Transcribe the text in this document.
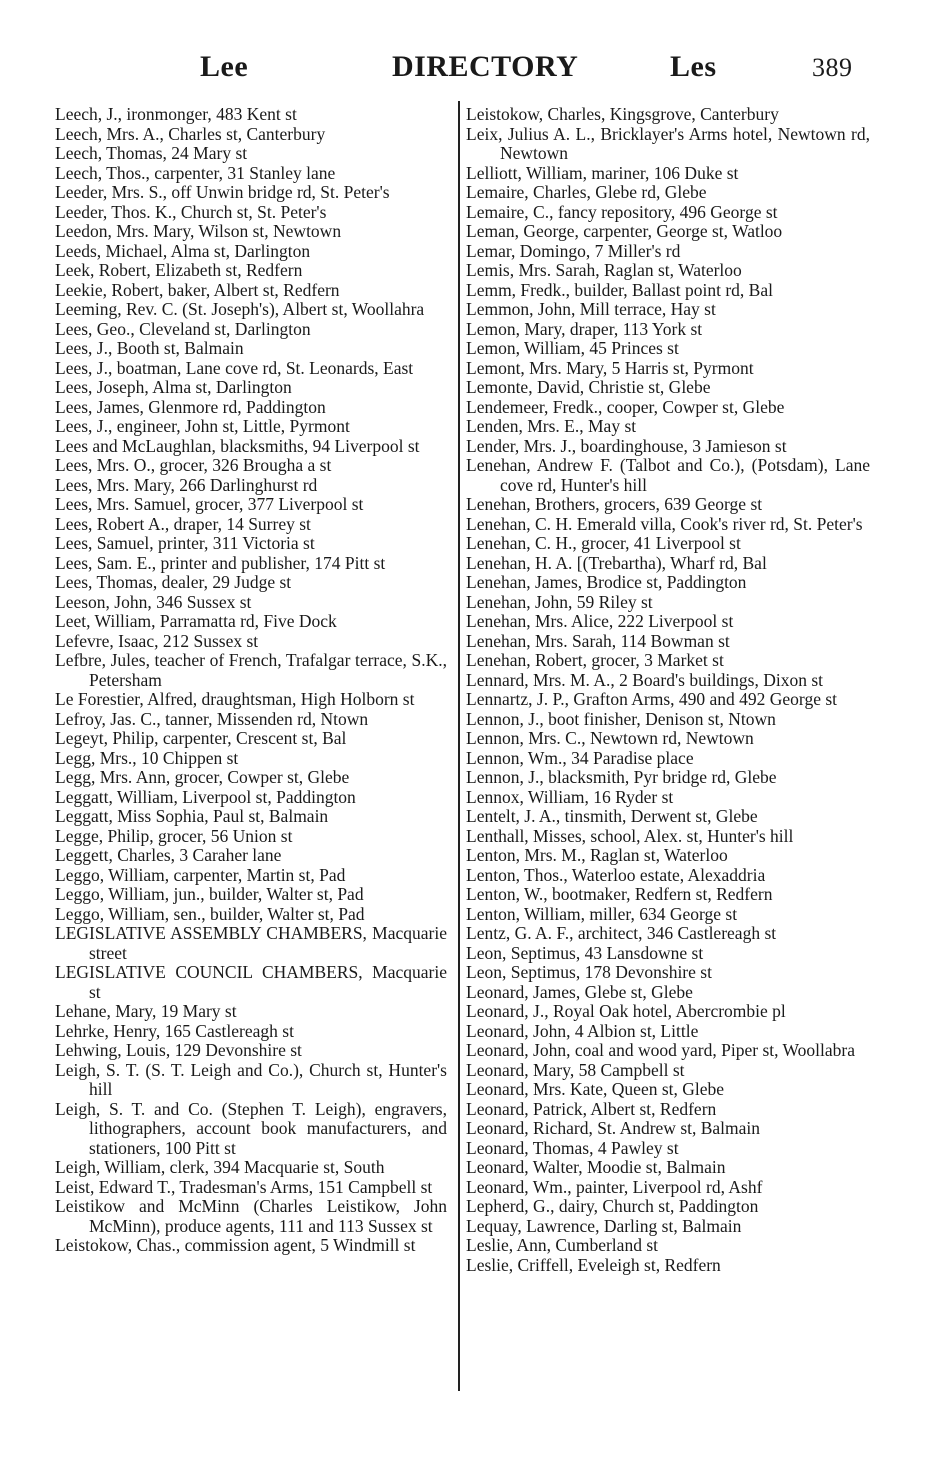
Lee	DIRECTORY	Les	389
Leech, J., ironmonger, 483 Kent st
Leech, Mrs. A., Charles st, Canterbury
Leech, Thomas, 24 Mary st
Leech, Thos., carpenter, 31 Stanley lane
Leeder, Mrs. S., off Unwin bridge rd, St. Peter's
Leeder, Thos. K., Church st, St. Peter's
Leedon, Mrs. Mary, Wilson st, Newtown
Leeds, Michael, Alma st, Darlington
Leek, Robert, Elizabeth st, Redfern
Leekie, Robert, baker, Albert st, Redfern
Leeming, Rev. C. (St. Joseph's), Albert st, Woollahra
Lees, Geo., Cleveland st, Darlington
Lees, J., Booth st, Balmain
Lees, J., boatman, Lane cove rd, St. Leonards, East
Lees, Joseph, Alma st, Darlington
Lees, James, Glenmore rd, Paddington
Lees, J., engineer, John st, Little, Pyrmont
Lees and McLaughlan, blacksmiths, 94 Liverpool st
Lees, Mrs. O., grocer, 326 Brougha a st
Lees, Mrs. Mary, 266 Darlinghurst rd
Lees, Mrs. Samuel, grocer, 377 Liverpool st
Lees, Robert A., draper, 14 Surrey st
Lees, Samuel, printer, 311 Victoria st
Lees, Sam. E., printer and publisher, 174 Pitt st
Lees, Thomas, dealer, 29 Judge st
Leeson, John, 346 Sussex st
Leet, William, Parramatta rd, Five Dock
Lefevre, Isaac, 212 Sussex st
Lefbre, Jules, teacher of French, Trafalgar terrace, S.K., Petersham
Le Forestier, Alfred, draughtsman, High Holborn st
Lefroy, Jas. C., tanner, Missenden rd, Ntown
Legeyt, Philip, carpenter, Crescent st, Bal
Legg, Mrs., 10 Chippen st
Legg, Mrs. Ann, grocer, Cowper st, Glebe
Leggatt, William, Liverpool st, Paddington
Leggatt, Miss Sophia, Paul st, Balmain
Legge, Philip, grocer, 56 Union st
Leggett, Charles, 3 Caraher lane
Leggo, William, carpenter, Martin st, Pad
Leggo, William, jun., builder, Walter st, Pad
Leggo, William, sen., builder, Walter st, Pad
LEGISLATIVE ASSEMBLY CHAMBERS, Macquarie street
LEGISLATIVE COUNCIL CHAMBERS, Macquarie st
Lehane, Mary, 19 Mary st
Lehrke, Henry, 165 Castlereagh st
Lehwing, Louis, 129 Devonshire st
Leigh, S. T. (S. T. Leigh and Co.), Church st, Hunter's hill
Leigh, S. T. and Co. (Stephen T. Leigh), engravers, lithographers, account book manufacturers, and stationers, 100 Pitt st
Leigh, William, clerk, 394 Macquarie st, South
Leist, Edward T., Tradesman's Arms, 151 Campbell st
Leistikow and McMinn (Charles Leistikow, John McMinn), produce agents, 111 and 113 Sussex st
Leistokow, Chas., commission agent, 5 Windmill st
Leistokow, Charles, Kingsgrove, Canterbury
Leix, Julius A. L., Bricklayer's Arms hotel, Newtown rd, Newtown
Lelliott, William, mariner, 106 Duke st
Lemaire, Charles, Glebe rd, Glebe
Lemaire, C., fancy repository, 496 George st
Leman, George, carpenter, George st, Watloo
Lemar, Domingo, 7 Miller's rd
Lemis, Mrs. Sarah, Raglan st, Waterloo
Lemm, Fredk., builder, Ballast point rd, Bal
Lemmon, John, Mill terrace, Hay st
Lemon, Mary, draper, 113 York st
Lemon, William, 45 Princes st
Lemont, Mrs. Mary, 5 Harris st, Pyrmont
Lemonte, David, Christie st, Glebe
Lendemeer, Fredk., cooper, Cowper st, Glebe
Lenden, Mrs. E., May st
Lender, Mrs. J., boardinghouse, 3 Jamieson st
Lenehan, Andrew F. (Talbot and Co.), (Potsdam), Lane cove rd, Hunter's hill
Lenehan, Brothers, grocers, 639 George st
Lenehan, C. H. Emerald villa, Cook's river rd, St. Peter's
Lenehan, C. H., grocer, 41 Liverpool st
Lenehan, H. A. [(Trebartha), Wharf rd, Bal
Lenehan, James, Brodice st, Paddington
Lenehan, John, 59 Riley st
Lenehan, Mrs. Alice, 222 Liverpool st
Lenehan, Mrs. Sarah, 114 Bowman st
Lenehan, Robert, grocer, 3 Market st
Lennard, Mrs. M. A., 2 Board's buildings, Dixon st
Lennartz, J. P., Grafton Arms, 490 and 492 George st
Lennon, J., boot finisher, Denison st, Ntown
Lennon, Mrs. C., Newtown rd, Newtown
Lennon, Wm., 34 Paradise place
Lennon, J., blacksmith, Pyr bridge rd, Glebe
Lennox, William, 16 Ryder st
Lentelt, J. A., tinsmith, Derwent st, Glebe
Lenthall, Misses, school, Alex. st, Hunter's hill
Lenton, Mrs. M., Raglan st, Waterloo
Lenton, Thos., Waterloo estate, Alexaddria
Lenton, W., bootmaker, Redfern st, Redfern
Lenton, William, miller, 634 George st
Lentz, G. A. F., architect, 346 Castlereagh st
Leon, Septimus, 43 Lansdowne st
Leon, Septimus, 178 Devonshire st
Leonard, James, Glebe st, Glebe
Leonard, J., Royal Oak hotel, Abercrombie pl
Leonard, John, 4 Albion st, Little
Leonard, John, coal and wood yard, Piper st, Woollabra
Leonard, Mary, 58 Campbell st
Leonard, Mrs. Kate, Queen st, Glebe
Leonard, Patrick, Albert st, Redfern
Leonard, Richard, St. Andrew st, Balmain
Leonard, Thomas, 4 Pawley st
Leonard, Walter, Moodie st, Balmain
Leonard, Wm., painter, Liverpool rd, Ashf
Lepherd, G., dairy, Church st, Paddington
Lequay, Lawrence, Darling st, Balmain
Leslie, Ann, Cumberland st
Leslie, Criffell, Eveleigh st, Redfern
